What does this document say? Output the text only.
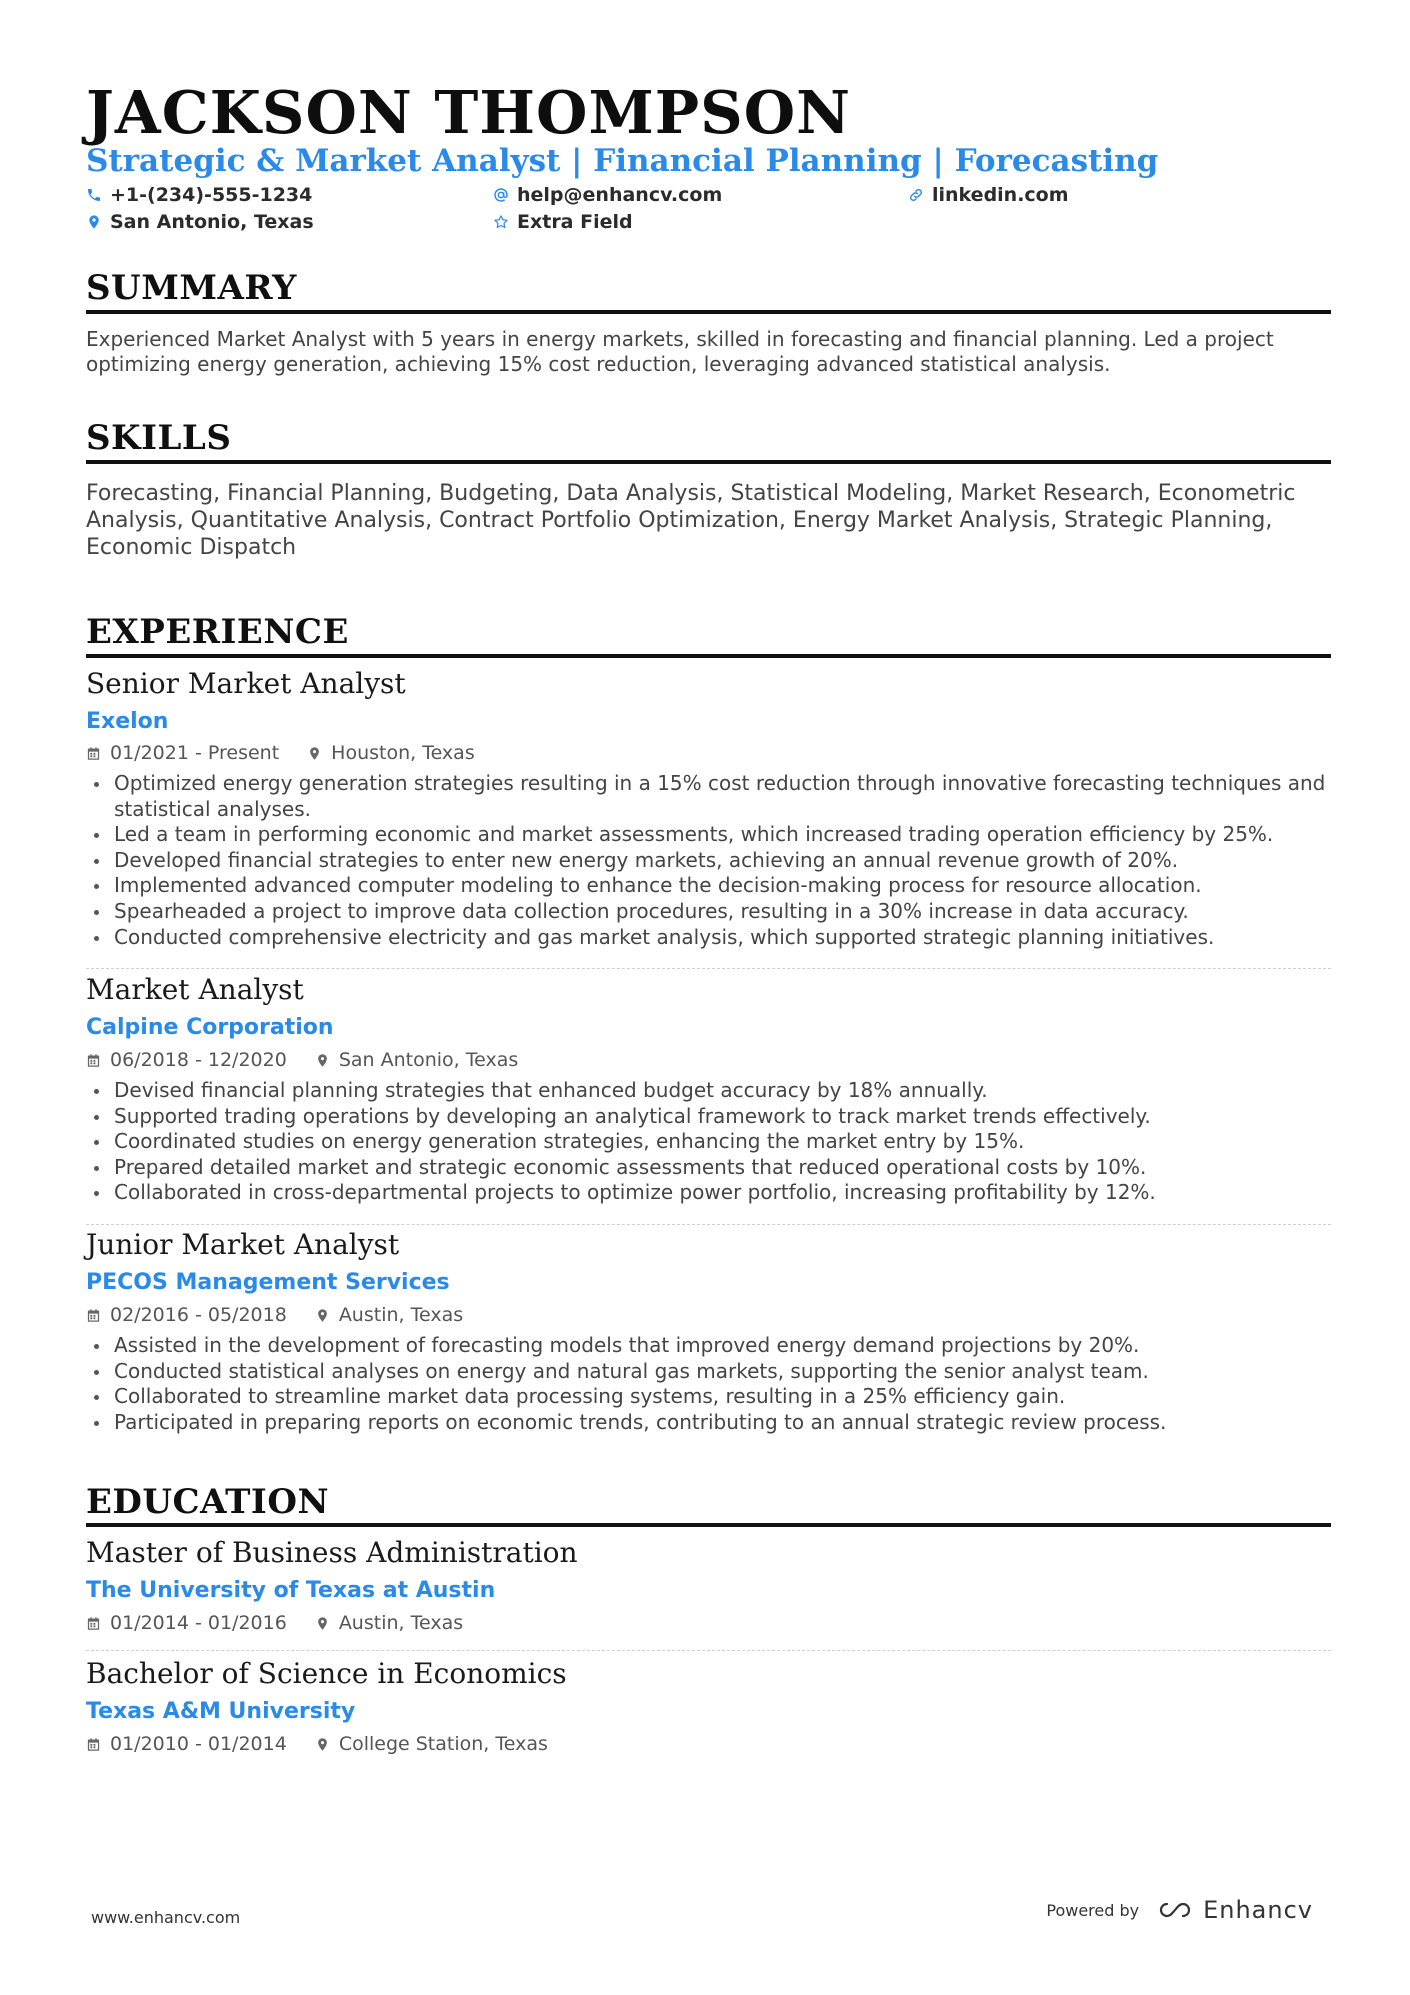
JACKSON THOMPSON
Strategic & Market Analyst | Financial Planning | Forecasting
+1-(234)-555-1234	help@enhancv.com	linkedin.com
San Antonio, Texas	Extra Field
SUMMARY
Experienced Market Analyst with 5 years in energy markets, skilled in forecasting and financial planning. Led a project optimizing energy generation, achieving 15% cost reduction, leveraging advanced statistical analysis.
SKILLS
Forecasting, Financial Planning, Budgeting, Data Analysis, Statistical Modeling, Market Research, Econometric Analysis, Quantitative Analysis, Contract Portfolio Optimization, Energy Market Analysis, Strategic Planning, Economic Dispatch
EXPERIENCE
Senior Market Analyst
Exelon
01/2021 - Present	Houston, Texas
Optimized energy generation strategies resulting in a 15% cost reduction through innovative forecasting techniques and statistical analyses.
Led a team in performing economic and market assessments, which increased trading operation efficiency by 25%.
Developed financial strategies to enter new energy markets, achieving an annual revenue growth of 20%.
Implemented advanced computer modeling to enhance the decision-making process for resource allocation.
Spearheaded a project to improve data collection procedures, resulting in a 30% increase in data accuracy.
Conducted comprehensive electricity and gas market analysis, which supported strategic planning initiatives.
Market Analyst
Calpine Corporation
06/2018 - 12/2020	San Antonio, Texas
Devised financial planning strategies that enhanced budget accuracy by 18% annually.
Supported trading operations by developing an analytical framework to track market trends effectively.
Coordinated studies on energy generation strategies, enhancing the market entry by 15%.
Prepared detailed market and strategic economic assessments that reduced operational costs by 10%.
Collaborated in cross-departmental projects to optimize power portfolio, increasing profitability by 12%.
Junior Market Analyst
PECOS Management Services
02/2016 - 05/2018	Austin, Texas
Assisted in the development of forecasting models that improved energy demand projections by 20%.
Conducted statistical analyses on energy and natural gas markets, supporting the senior analyst team.
Collaborated to streamline market data processing systems, resulting in a 25% efficiency gain.
Participated in preparing reports on economic trends, contributing to an annual strategic review process.
EDUCATION
Master of Business Administration
The University of Texas at Austin
01/2014 - 01/2016	Austin, Texas
Bachelor of Science in Economics
Texas A&M University
01/2010 - 01/2014	College Station, Texas
www.enhancv.com	Powered by	Enhancv
